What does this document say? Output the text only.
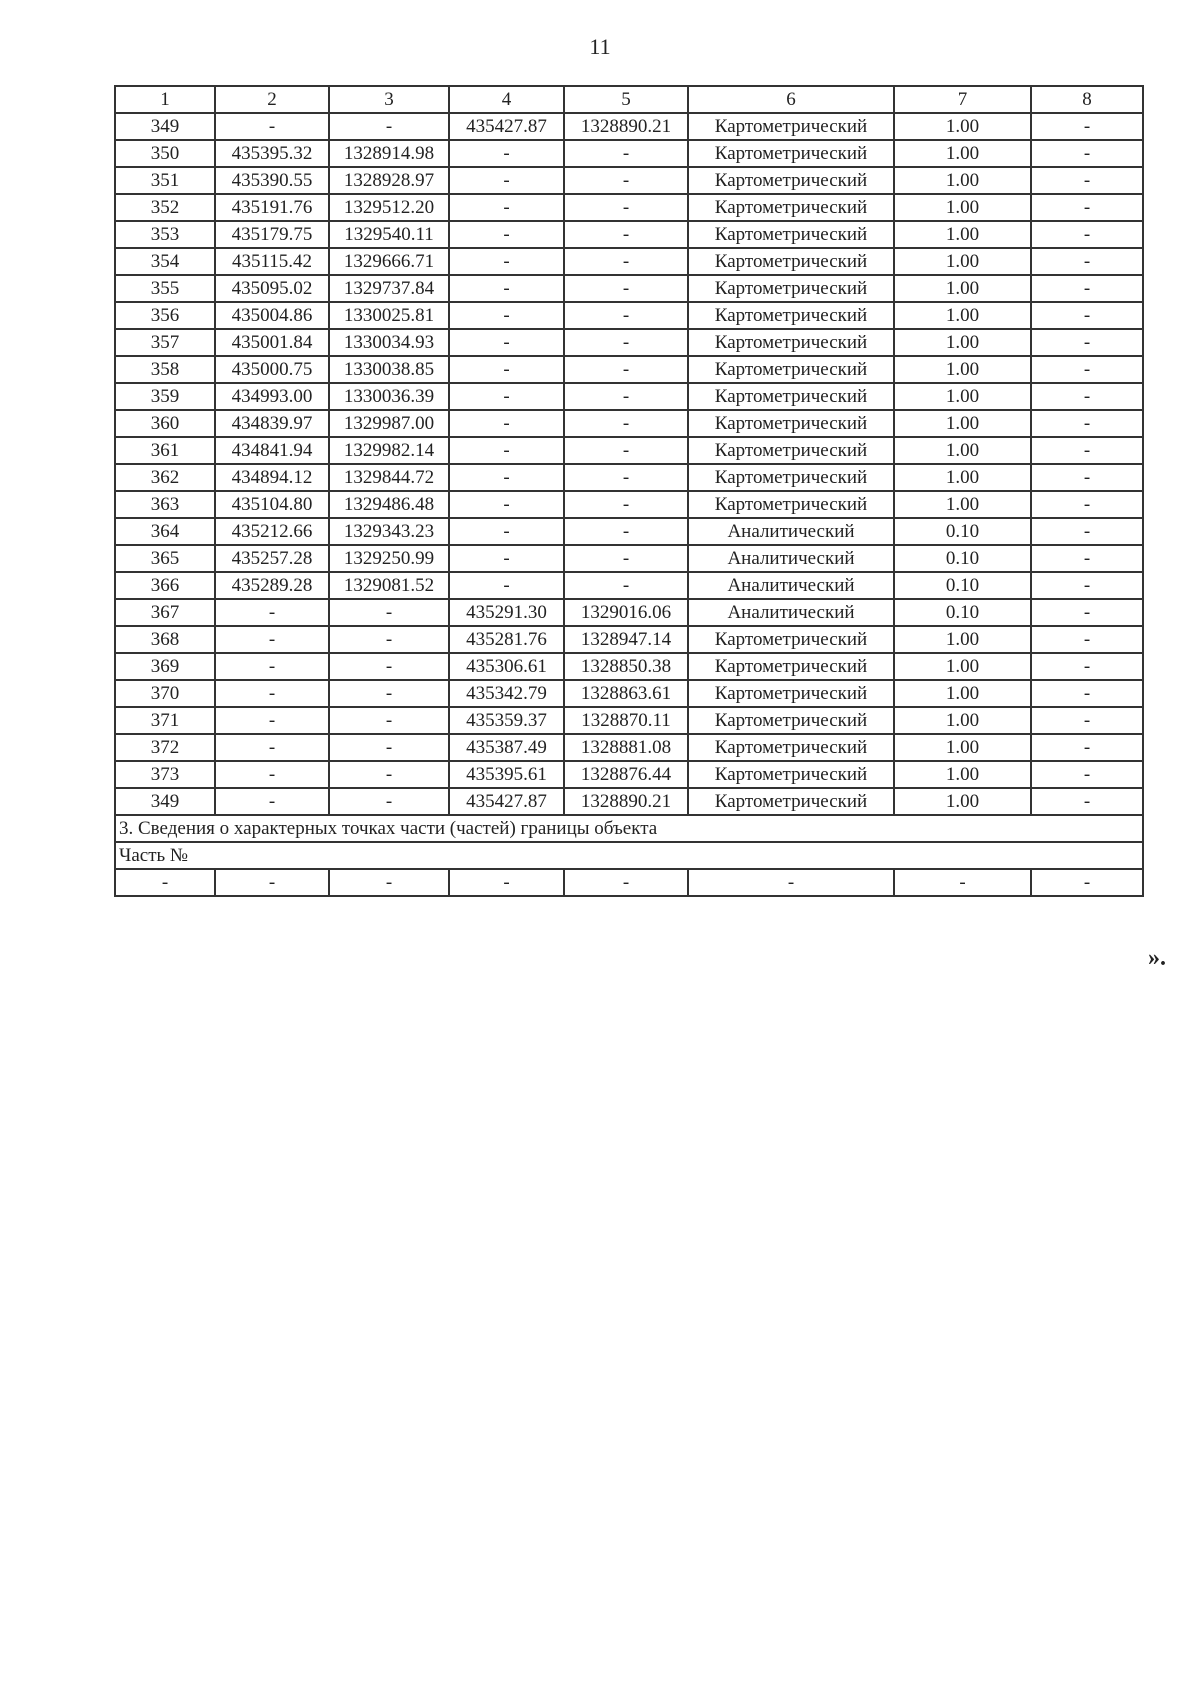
11
1	2	3	4	5	6	7	8
349	-	-	435427.87	1328890.21	Картометрический	1.00	-
350	435395.32	1328914.98	-	-	Картометрический	1.00	-
351	435390.55	1328928.97	-	-	Картометрический	1.00	-
352	435191.76	1329512.20	-	-	Картометрический	1.00	-
353	435179.75	1329540.11	-	-	Картометрический	1.00	-
354	435115.42	1329666.71	-	-	Картометрический	1.00	-
355	435095.02	1329737.84	-	-	Картометрический	1.00	-
356	435004.86	1330025.81	-	-	Картометрический	1.00	-
357	435001.84	1330034.93	-	-	Картометрический	1.00	-
358	435000.75	1330038.85	-	-	Картометрический	1.00	-
359	434993.00	1330036.39	-	-	Картометрический	1.00	-
360	434839.97	1329987.00	-	-	Картометрический	1.00	-
361	434841.94	1329982.14	-	-	Картометрический	1.00	-
362	434894.12	1329844.72	-	-	Картометрический	1.00	-
363	435104.80	1329486.48	-	-	Картометрический	1.00	-
364	435212.66	1329343.23	-	-	Аналитический	0.10	-
365	435257.28	1329250.99	-	-	Аналитический	0.10	-
366	435289.28	1329081.52	-	-	Аналитический	0.10	-
367	-	-	435291.30	1329016.06	Аналитический	0.10	-
368	-	-	435281.76	1328947.14	Картометрический	1.00	-
369	-	-	435306.61	1328850.38	Картометрический	1.00	-
370	-	-	435342.79	1328863.61	Картометрический	1.00	-
371	-	-	435359.37	1328870.11	Картометрический	1.00	-
372	-	-	435387.49	1328881.08	Картометрический	1.00	-
373	-	-	435395.61	1328876.44	Картометрический	1.00	-
349	-	-	435427.87	1328890.21	Картометрический	1.00	-
3. Сведения о характерных точках части (частей) границы объекта							
Часть №							
-	-	-	-	-	-	-	-
».
